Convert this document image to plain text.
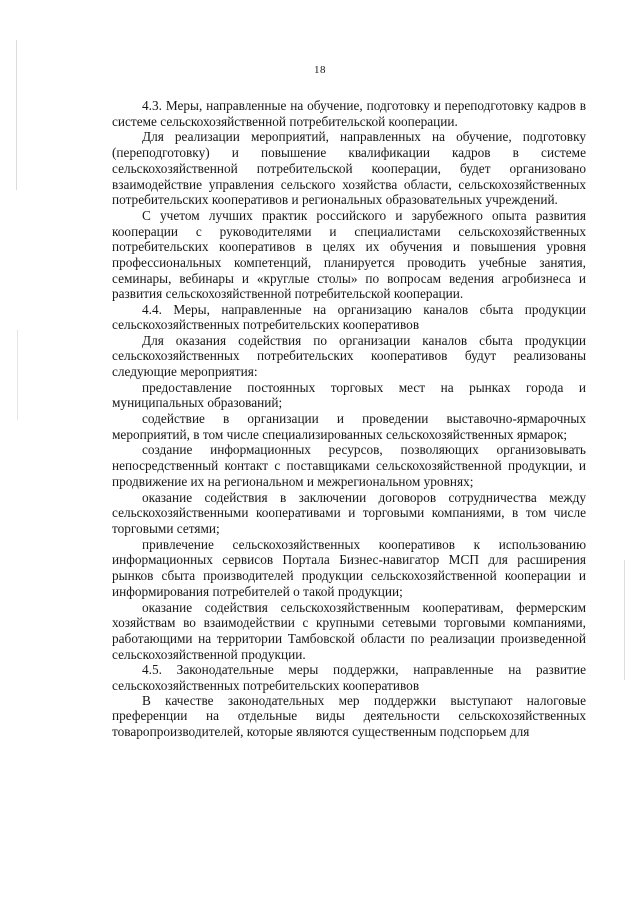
18

4.3. Меры, направленные на обучение, подготовку и переподготовку кадров в системе сельскохозяйственной потребительской кооперации.

Для реализации мероприятий, направленных на обучение, подготовку (переподготовку) и повышение квалификации кадров в системе сельскохозяйственной потребительской кооперации, будет организовано взаимодействие управления сельского хозяйства области, сельскохозяйственных потребительских кооперативов и региональных образовательных учреждений.

С учетом лучших практик российского и зарубежного опыта развития кооперации с руководителями и специалистами сельскохозяйственных потребительских кооперативов в целях их обучения и повышения уровня профессиональных компетенций, планируется проводить учебные занятия, семинары, вебинары и «круглые столы» по вопросам ведения агробизнеса и развития сельскохозяйственной потребительской кооперации.

4.4. Меры, направленные на организацию каналов сбыта продукции сельскохозяйственных потребительских кооперативов

Для оказания содействия по организации каналов сбыта продукции сельскохозяйственных потребительских кооперативов будут реализованы следующие мероприятия:

предоставление постоянных торговых мест на рынках города и муниципальных образований;

содействие в организации и проведении выставочно-ярмарочных мероприятий, в том числе специализированных сельскохозяйственных ярмарок;

создание информационных ресурсов, позволяющих организовывать непосредственный контакт с поставщиками сельскохозяйственной продукции, и продвижение их на региональном и межрегиональном уровнях;

оказание содействия в заключении договоров сотрудничества между сельскохозяйственными кооперативами и торговыми компаниями, в том числе торговыми сетями;

привлечение сельскохозяйственных кооперативов к использованию информационных сервисов Портала Бизнес-навигатор МСП для расширения рынков сбыта производителей продукции сельскохозяйственной кооперации и информирования потребителей о такой продукции;

оказание содействия сельскохозяйственным кооперативам, фермерским хозяйствам во взаимодействии с крупными сетевыми торговыми компаниями, работающими на территории Тамбовской области по реализации произведенной сельскохозяйственной продукции.

4.5. Законодательные меры поддержки, направленные на развитие сельскохозяйственных потребительских кооперативов

В качестве законодательных мер поддержки выступают налоговые преференции на отдельные виды деятельности сельскохозяйственных товаропроизводителей, которые являются существенным подспорьем для
